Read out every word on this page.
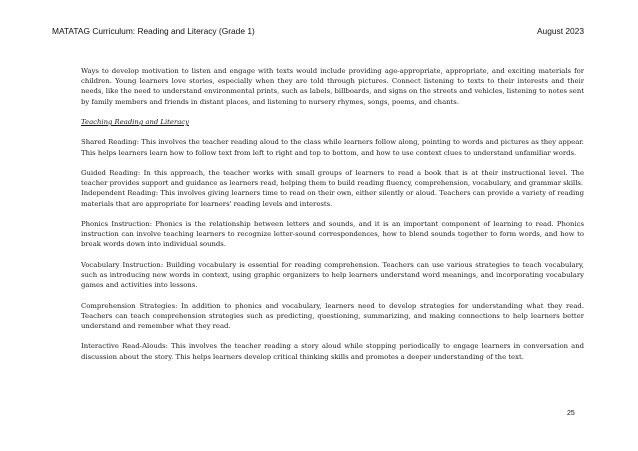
MATATAG Curriculum: Reading and Literacy (Grade 1)	August 2023

Ways to develop motivation to listen and engage with texts would include providing age-appropriate, appropriate, and exciting materials for children. Young learners love stories, especially when they are told through pictures. Connect listening to texts to their interests and their needs, like the need to understand environmental prints, such as labels, billboards, and signs on the streets and vehicles, listening to notes sent by family members and friends in distant places, and listening to nursery rhymes, songs, poems, and chants.

Teaching Reading and Literacy

Shared Reading: This involves the teacher reading aloud to the class while learners follow along, pointing to words and pictures as they appear. This helps learners learn how to follow text from left to right and top to bottom, and how to use context clues to understand unfamiliar words.

Guided Reading: In this approach, the teacher works with small groups of learners to read a book that is at their instructional level. The teacher provides support and guidance as learners read, helping them to build reading fluency, comprehension, vocabulary, and grammar skills.

Independent Reading: This involves giving learners time to read on their own, either silently or aloud. Teachers can provide a variety of reading materials that are appropriate for learners' reading levels and interests.

Phonics Instruction: Phonics is the relationship between letters and sounds, and it is an important component of learning to read. Phonics instruction can involve teaching learners to recognize letter-sound correspondences, how to blend sounds together to form words, and how to break words down into individual sounds.

Vocabulary Instruction: Building vocabulary is essential for reading comprehension. Teachers can use various strategies to teach vocabulary, such as introducing new words in context, using graphic organizers to help learners understand word meanings, and incorporating vocabulary games and activities into lessons.

Comprehension Strategies: In addition to phonics and vocabulary, learners need to develop strategies for understanding what they read. Teachers can teach comprehension strategies such as predicting, questioning, summarizing, and making connections to help learners better understand and remember what they read.

Interactive Read-Alouds: This involves the teacher reading a story aloud while stopping periodically to engage learners in conversation and discussion about the story. This helps learners develop critical thinking skills and promotes a deeper understanding of the text.

25
